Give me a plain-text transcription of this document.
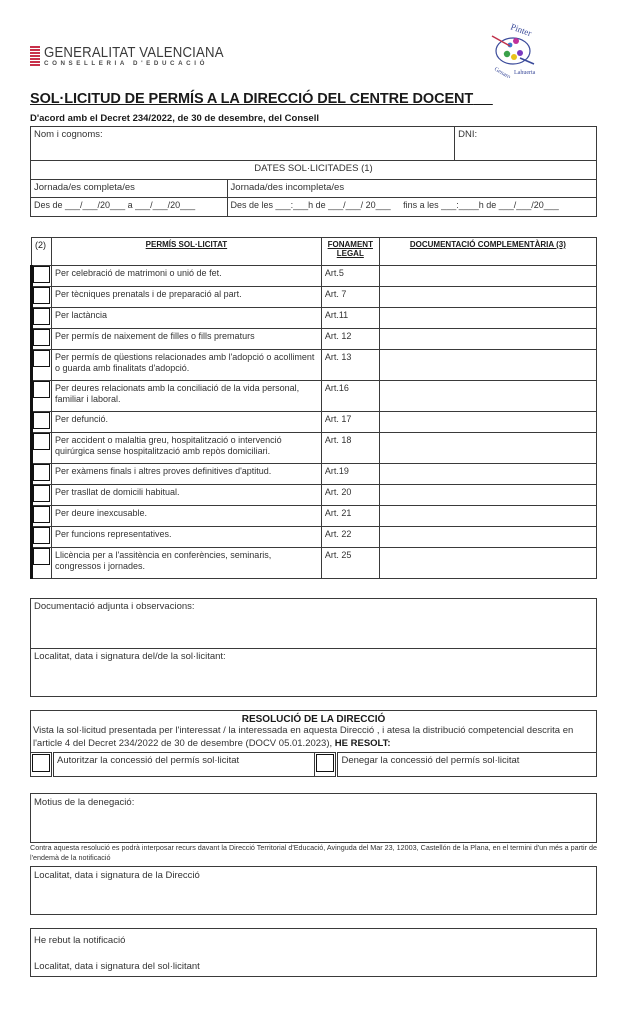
GENERALITAT VALENCIANA
CONSELLERIA D'EDUCACIÓ
Pinter
Genaro Lahuerta
SOL·LICITUD DE PERMÍS A LA DIRECCIÓ DEL CENTRE DOCENT
D'acord amb el Decret 234/2022, de 30 de desembre, del Consell
Nom i cognoms:		DNI:
DATES SOL·LICITADES (1)		
Jornada/es completa/es	Jornada/des incompleta/es	
Des de ___/___/20___ a ___/___/20___	Des de les ___:___h de ___/___/ 20___     fins a les ___:____h de ___/___/20___	
(2)	PERMÍS SOL·LICITAT	FONAMENT LEGAL	DOCUMENTACIÓ COMPLEMENTÀRIA (3)

	Per celebració de matrimoni o unió de fet.	Art.5	

	Per tècniques prenatals i de preparació al part.	Art. 7	

	Per lactància	Art.11	

	Per permís de naixement de filles o fills prematurs	Art. 12	

	Per permís de qüestions relacionades amb l'adopció o acolliment o guarda amb finalitats d'adopció.	Art. 13	

	Per deures relacionats amb la conciliació de la vida personal, familiar i laboral.	Art.16	

	Per defunció.	Art. 17	

	Per accident o malaltia greu, hospitalització o intervenció quirúrgica sense hospitalització amb repòs domiciliari.	Art. 18	

	Per exàmens finals i altres proves definitives d'aptitud.	Art.19	

	Per trasllat de domicili habitual.	Art. 20	

	Per deure inexcusable.	Art. 21	

	Per funcions representatives.	Art. 22	

	Llicència per a l'assitència en conferències, seminaris, congressos i jornades.	Art. 25	
Documentació adjunta i observacions:
Localitat, data i signatura del/de la sol·licitant:
RESOLUCIÓ DE LA DIRECCIÓ
Vista la sol·licitud presentada per l'interessat / la interessada en aquesta Direcció , i atesa la distribució competencial descrita en l'article 4 del Decret 234/2022 de 30 de desembre (DOCV 05.01.2023), HE RESOLT:

	Autoritzar la concessió del permís sol·licitat		Denegar la concessió del permís sol·licitat
Motius de la denegació:
Contra aquesta resolució es podrà interposar recurs davant la Direcció Territorial d'Educació, Avinguda del Mar 23, 12003, Castellón de la Plana, en el termini d'un més a partir de l'endemà de la notificació
Localitat, data i signatura de la Direcció
He rebut la notificació
Localitat, data i signatura del sol·licitant
